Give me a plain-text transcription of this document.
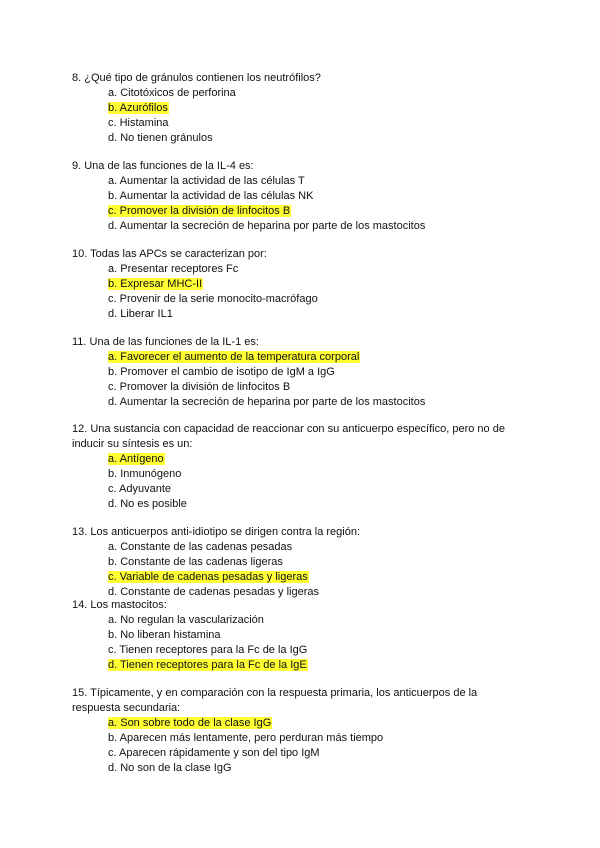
8. ¿Qué tipo de gránulos contienen los neutrófilos?

a. Citotóxicos de perforina
b. Azurófilos
c. Histamina
d. No tienen gránulos

9. Una de las funciones de la IL-4 es:

a. Aumentar la actividad de las células T
b. Aumentar la actividad de las células NK
c. Promover la división de linfocitos B
d. Aumentar la secreción de heparina por parte de los mastocitos

10. Todas las APCs se caracterizan por:

a. Presentar receptores Fc
b. Expresar MHC-II
c. Provenir de la serie monocito-macrófago
d. Liberar IL1

11. Una de las funciones de la IL-1 es:

a. Favorecer el aumento de la temperatura corporal
b. Promover el cambio de isotipo de IgM a IgG
c. Promover la división de linfocitos B
d. Aumentar la secreción de heparina por parte de los mastocitos

12. Una sustancia con capacidad de reaccionar con su anticuerpo específico, pero no de inducir su síntesis es un:

a. Antígeno
b. Inmunógeno
c. Adyuvante
d. No es posible

13. Los anticuerpos anti-idiotipo se dirigen contra la región:

a. Constante de las cadenas pesadas
b. Constante de las cadenas ligeras
c. Variable de cadenas pesadas y ligeras
d. Constante de cadenas pesadas y ligeras

14. Los mastocitos:

a. No regulan la vascularización
b. No liberan histamina
c. Tienen receptores para la Fc de la IgG
d. Tienen receptores para la Fc de la IgE

15. Típicamente, y en comparación con la respuesta primaria, los anticuerpos de la respuesta secundaria:

a. Son sobre todo de la clase IgG
b. Aparecen más lentamente, pero perduran más tiempo
c. Aparecen rápidamente y son del tipo IgM
d. No son de la clase IgG
